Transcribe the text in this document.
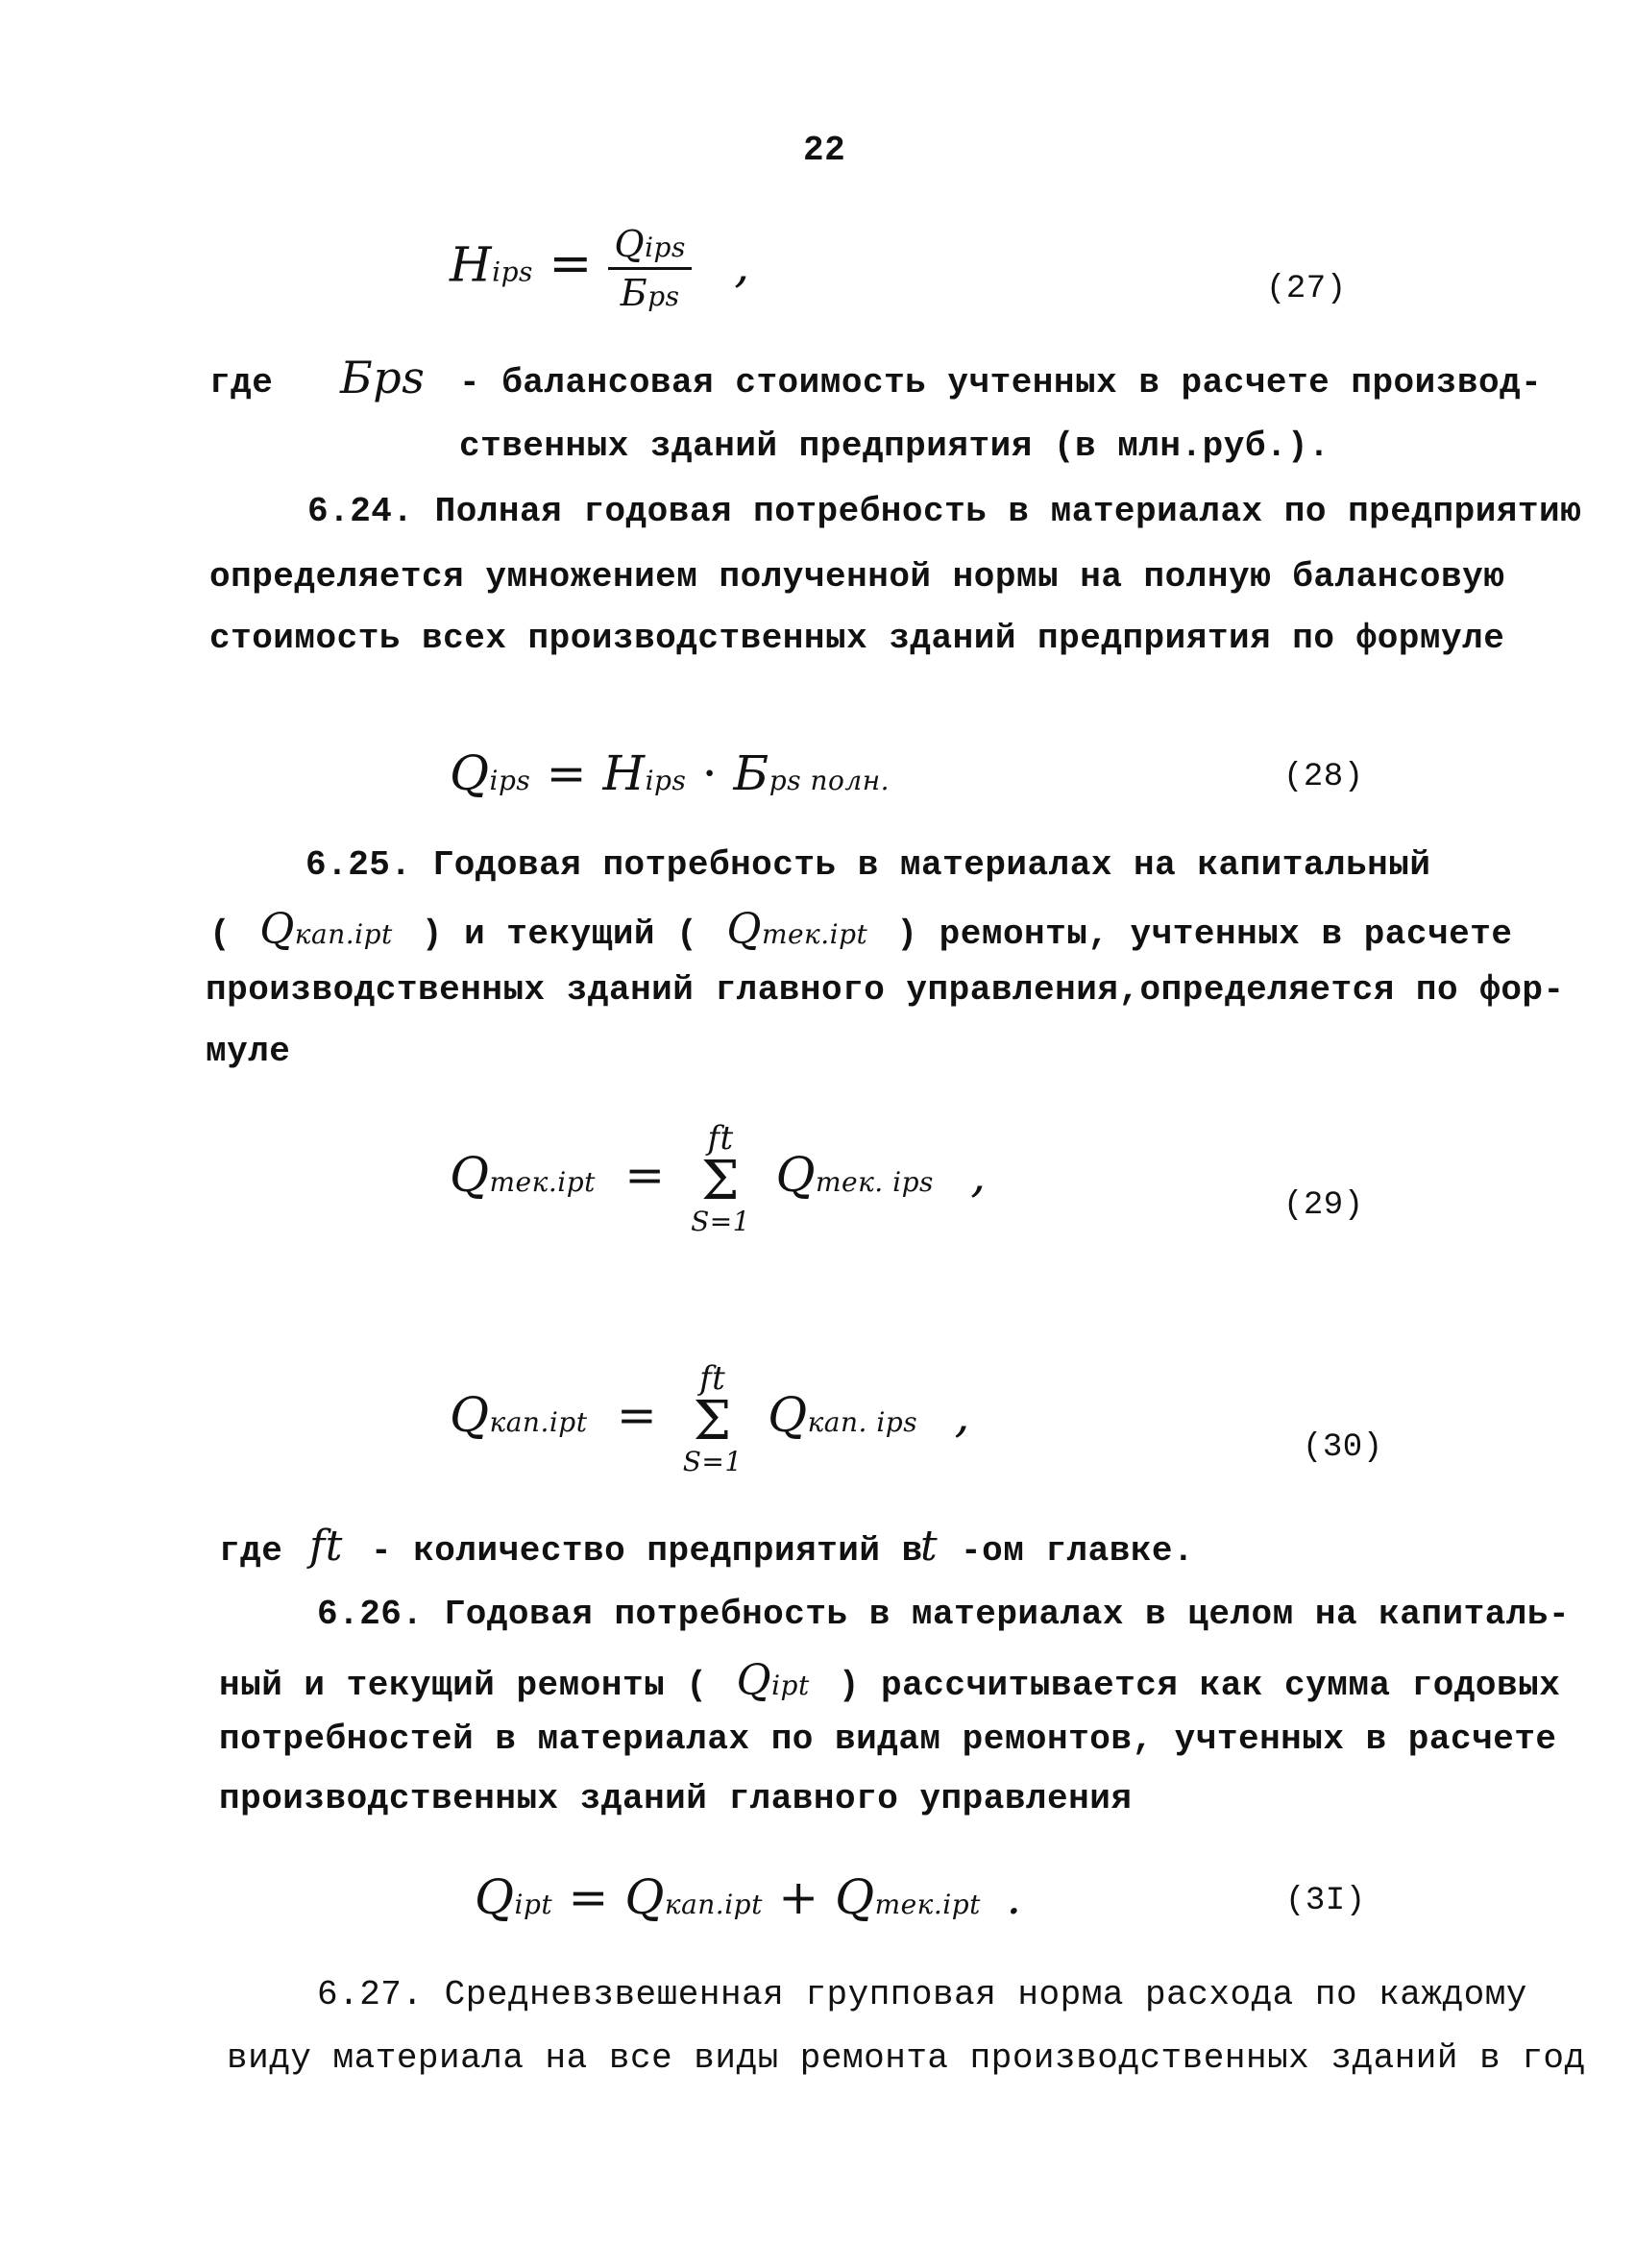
22
Hips = $\frac{\text{Qips}}{\text{Бps}}$ ,	(27)
где Бps - балансовая стоимость учтенных в расчете производ-
ственных зданий предприятия (в млн.руб.).
6.24. Полная годовая потребность в материалах по предприятию
определяется умножением полученной нормы на полную балансовую
стоимость всех производственных зданий предприятия по формуле
Qips = Hips · Бps полн.	(28)
6.25. Годовая потребность в материалах на капитальный
( Qкап.ipt ) и текущий ( Qтек.ipt ) ремонты, учтенных в расчете
производственных зданий главного управления,определяется по фор-
муле
Qтек.ipt =
ft
Σ
S=1
Qтек. ips ,
(29)
Qкап.ipt =
ft
Σ
S=1
Qкап. ips ,
(30)
где ft - количество предприятий в
t -ом главке.
6.26. Годовая потребность в материалах в целом на капиталь-
ный и текущий ремонты ( Qipt ) рассчитывается как сумма годовых
потребностей в материалах по видам ремонтов, учтенных в расчете
производственных зданий главного управления
Qipt = Qкап.ipt + Qтек.ipt .	(3I)
6.27. Средневзвешенная групповая норма расхода по каждому
виду материала на все виды ремонта производственных зданий в год
